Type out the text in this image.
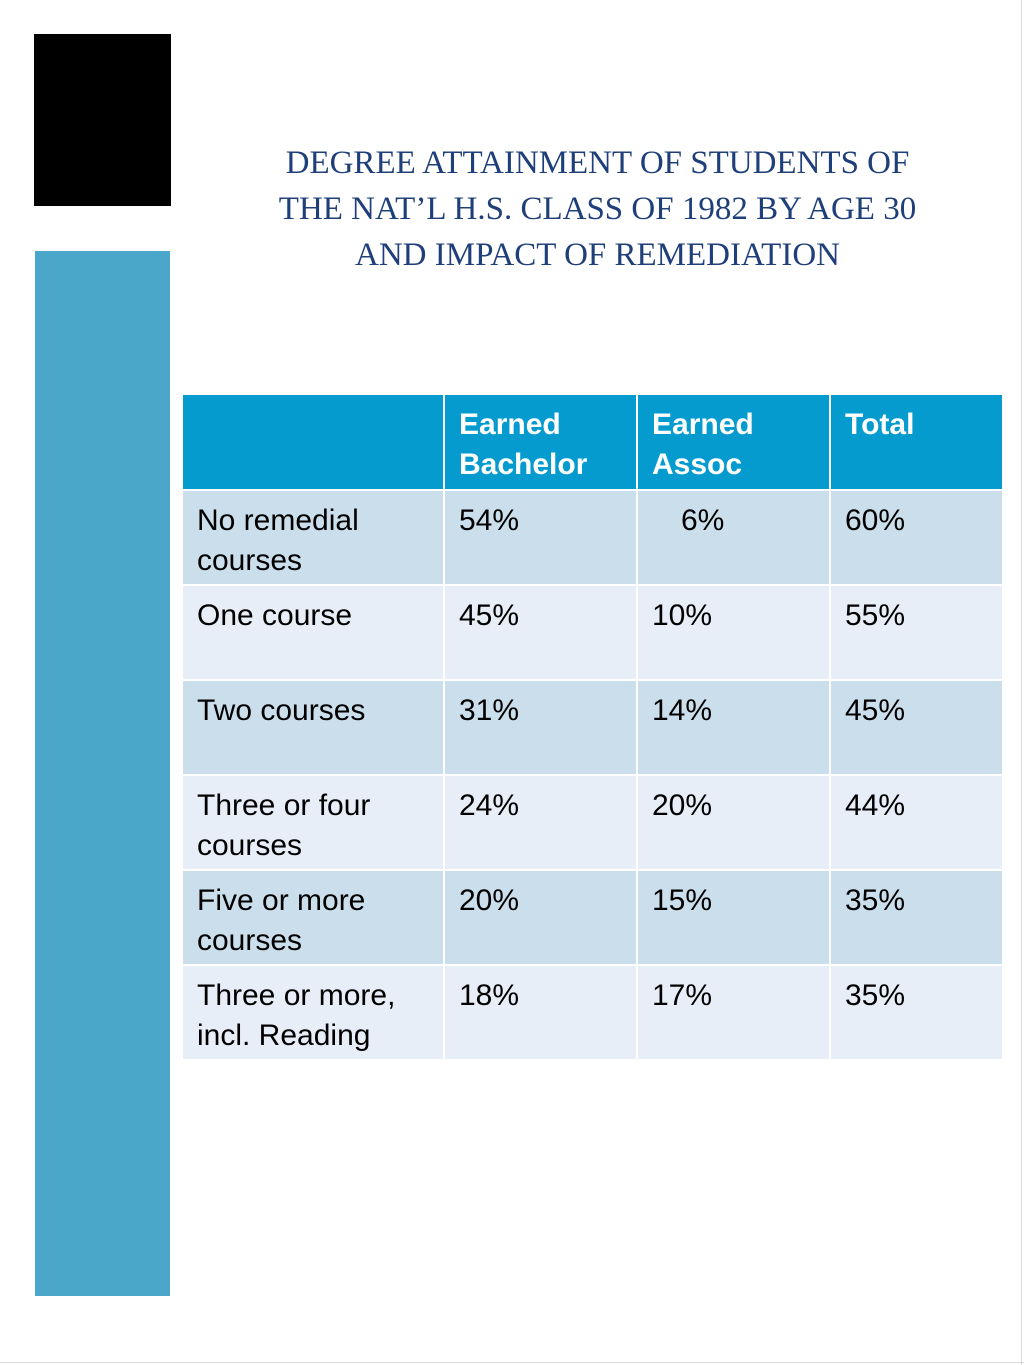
DEGREE ATTAINMENT OF STUDENTS OF
THE NAT’L H.S. CLASS OF 1982 BY AGE 30
AND IMPACT OF REMEDIATION
	Earned Bachelor	Earned Assoc	Total
No remedial courses	54%	6%	60%
One course	45%	10%	55%
Two courses	31%	14%	45%
Three or four courses	24%	20%	44%
Five or more courses	20%	15%	35%
Three or more, incl. Reading	18%	17%	35%
